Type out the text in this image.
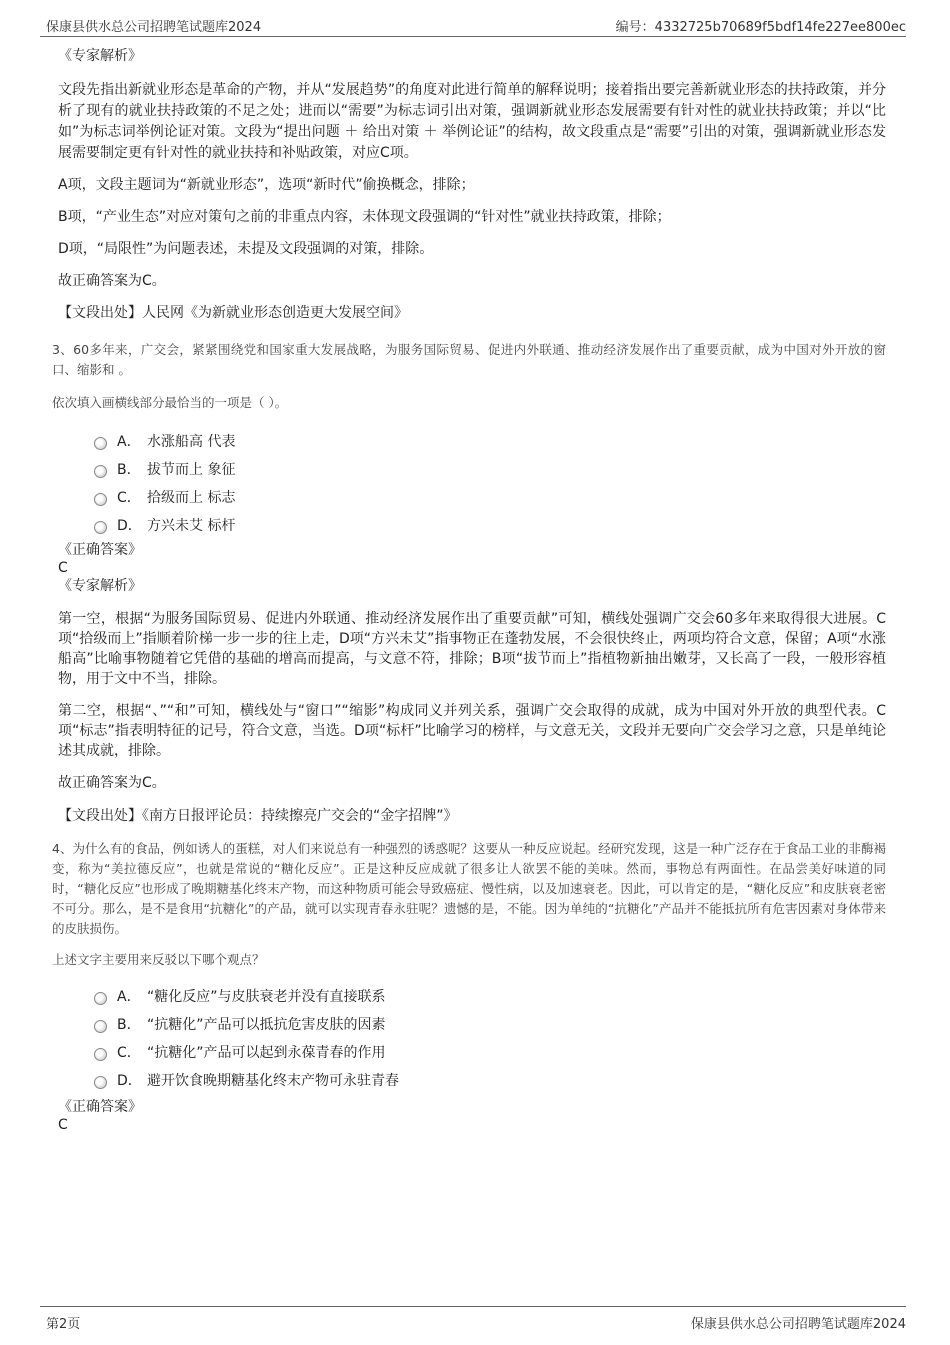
保康县供水总公司招聘笔试题库2024	编号：4332725b70689f5bdf14fe227ee800ec

《专家解析》

文段先指出新就业形态是革命的产物，并从“发展趋势”的角度对此进行简单的解释说明；接着指出要完善新就业形态的扶持政策，并分析了现有的就业扶持政策的不足之处；进而以“需要”为标志词引出对策，强调新就业形态发展需要有针对性的就业扶持政策；并以“比如”为标志词举例论证对策。文段为“提出问题 ＋ 给出对策 ＋ 举例论证”的结构，故文段重点是“需要”引出的对策，强调新就业形态发展需要制定更有针对性的就业扶持和补贴政策，对应C项。

A项，文段主题词为“新就业形态”，选项“新时代”偷换概念，排除；

B项，“产业生态”对应对策句之前的非重点内容，未体现文段强调的“针对性”就业扶持政策，排除；

D项，“局限性”为问题表述，未提及文段强调的对策，排除。

故正确答案为C。

【文段出处】人民网《为新就业形态创造更大发展空间》

3、60多年来，广交会，紧紧围绕党和国家重大发展战略，为服务国际贸易、促进内外联通、推动经济发展作出了重要贡献，成为中国对外开放的窗口、缩影和 。

依次填入画横线部分最恰当的一项是（ ）。

A． 水涨船高 代表
B． 拔节而上 象征
C． 拾级而上 标志
D． 方兴未艾 标杆

《正确答案》

C

《专家解析》

第一空，根据“为服务国际贸易、促进内外联通、推动经济发展作出了重要贡献”可知，横线处强调广交会60多年来取得很大进展。C项“拾级而上”指顺着阶梯一步一步的往上走，D项“方兴未艾”指事物正在蓬勃发展，不会很快终止，两项均符合文意，保留；A项“水涨船高”比喻事物随着它凭借的基础的增高而提高，与文意不符，排除；B项“拔节而上”指植物新抽出嫩芽，又长高了一段，一般形容植物，用于文中不当，排除。

第二空，根据“、”“和”可知，横线处与“窗口”“缩影”构成同义并列关系，强调广交会取得的成就，成为中国对外开放的典型代表。C项“标志”指表明特征的记号，符合文意，当选。D项“标杆”比喻学习的榜样，与文意无关，文段并无要向广交会学习之意，只是单纯论述其成就，排除。

故正确答案为C。

【文段出处】《南方日报评论员：持续擦亮广交会的“金字招牌”》

4、为什么有的食品，例如诱人的蛋糕，对人们来说总有一种强烈的诱惑呢？这要从一种反应说起。经研究发现，这是一种广泛存在于食品工业的非酶褐变，称为“美拉德反应”，也就是常说的“糖化反应”。正是这种反应成就了很多让人欲罢不能的美味。然而，事物总有两面性。在品尝美好味道的同时，“糖化反应”也形成了晚期糖基化终末产物，而这种物质可能会导致癌症、慢性病，以及加速衰老。因此，可以肯定的是，“糖化反应”和皮肤衰老密不可分。那么，是不是食用“抗糖化”的产品，就可以实现青春永驻呢？遗憾的是，不能。因为单纯的“抗糖化”产品并不能抵抗所有危害因素对身体带来的皮肤损伤。

上述文字主要用来反驳以下哪个观点？

A． “糖化反应”与皮肤衰老并没有直接联系
B． “抗糖化”产品可以抵抗危害皮肤的因素
C． “抗糖化”产品可以起到永葆青春的作用
D． 避开饮食晚期糖基化终末产物可永驻青春

《正确答案》

C

第2页	保康县供水总公司招聘笔试题库2024
